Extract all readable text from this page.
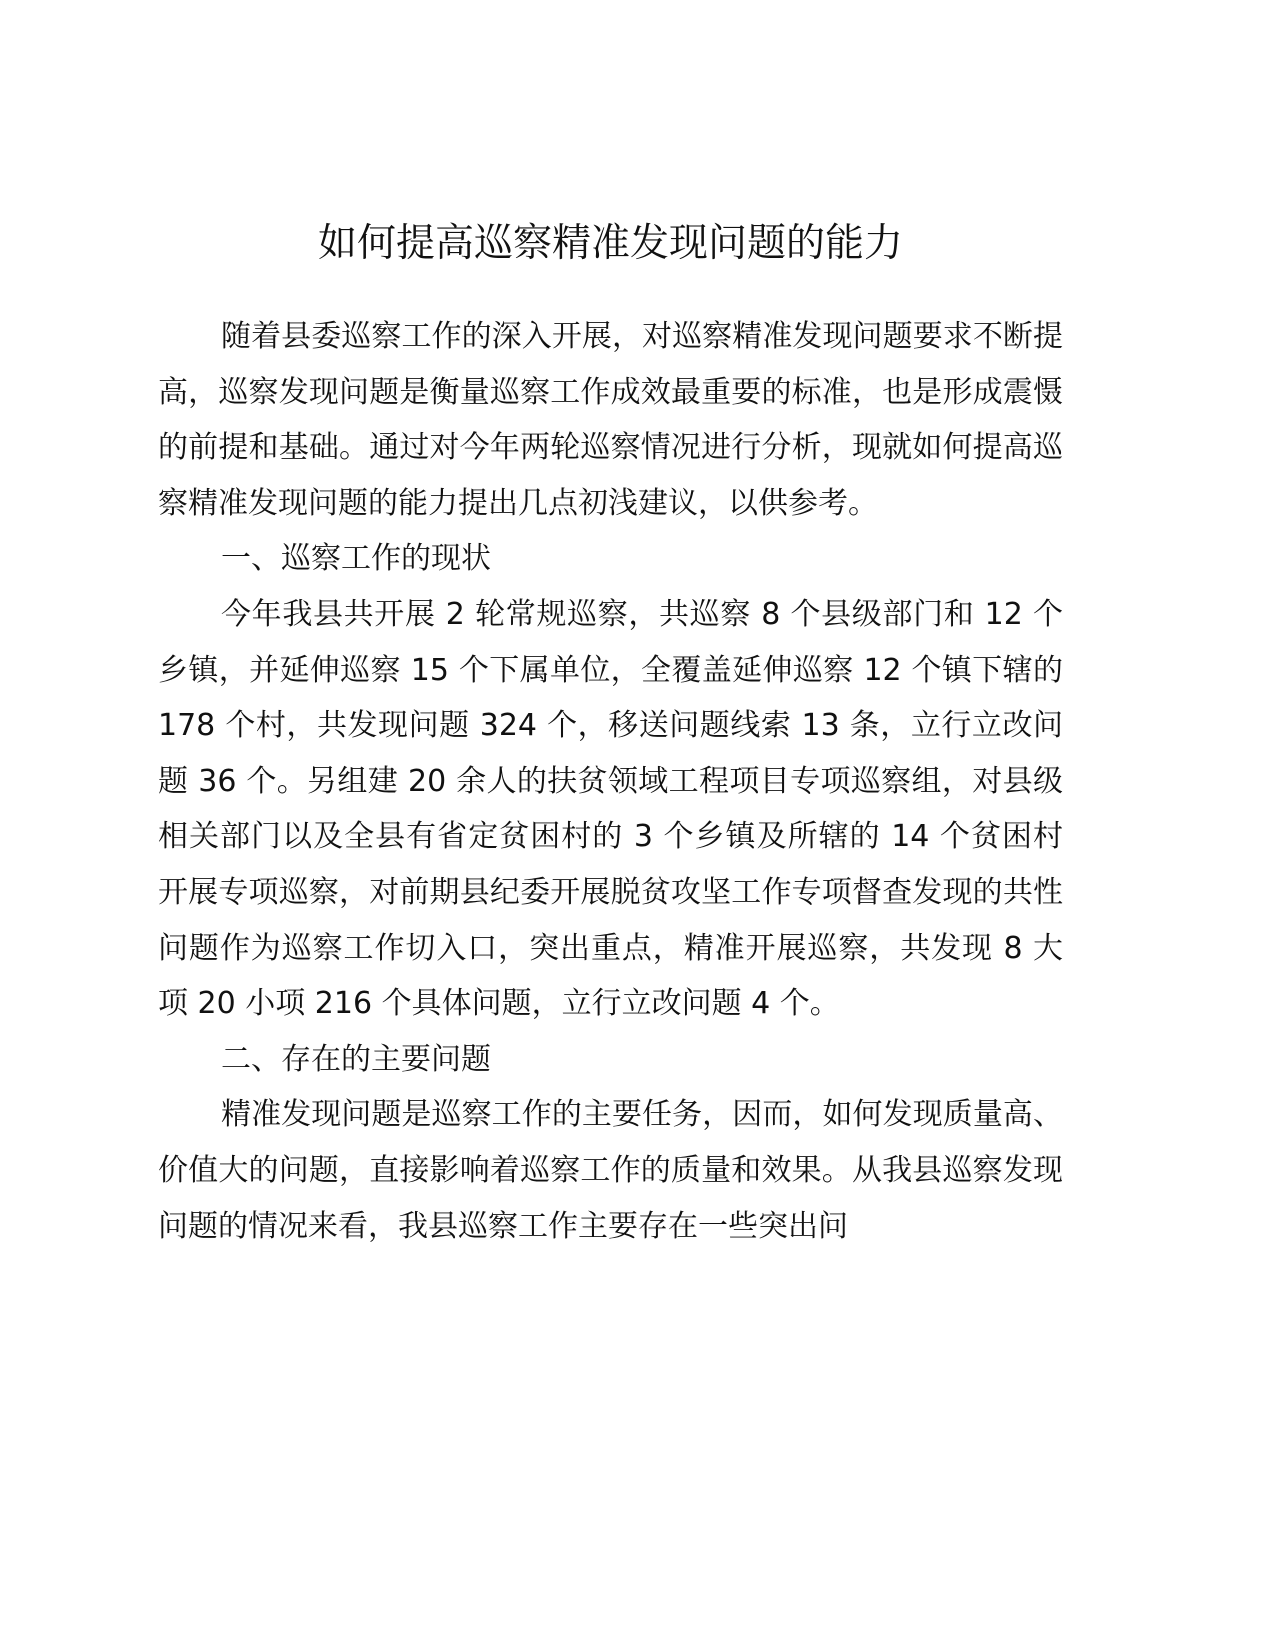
如何提高巡察精准发现问题的能力

随着县委巡察工作的深入开展，对巡察精准发现问题要求不断提高，巡察发现问题是衡量巡察工作成效最重要的标准，也是形成震慑的前提和基础。通过对今年两轮巡察情况进行分析，现就如何提高巡察精准发现问题的能力提出几点初浅建议，以供参考。

一、巡察工作的现状

今年我县共开展 2 轮常规巡察，共巡察 8 个县级部门和 12 个乡镇，并延伸巡察 15 个下属单位，全覆盖延伸巡察 12 个镇下辖的 178 个村，共发现问题 324 个，移送问题线索 13 条，立行立改问题 36 个。另组建 20 余人的扶贫领域工程项目专项巡察组，对县级相关部门以及全县有省定贫困村的 3 个乡镇及所辖的 14 个贫困村开展专项巡察，对前期县纪委开展脱贫攻坚工作专项督查发现的共性问题作为巡察工作切入口，突出重点，精准开展巡察，共发现 8 大项 20 小项 216 个具体问题，立行立改问题 4 个。

二、存在的主要问题

精准发现问题是巡察工作的主要任务，因而，如何发现质量高、价值大的问题，直接影响着巡察工作的质量和效果。从我县巡察发现问题的情况来看，我县巡察工作主要存在一些突出问
